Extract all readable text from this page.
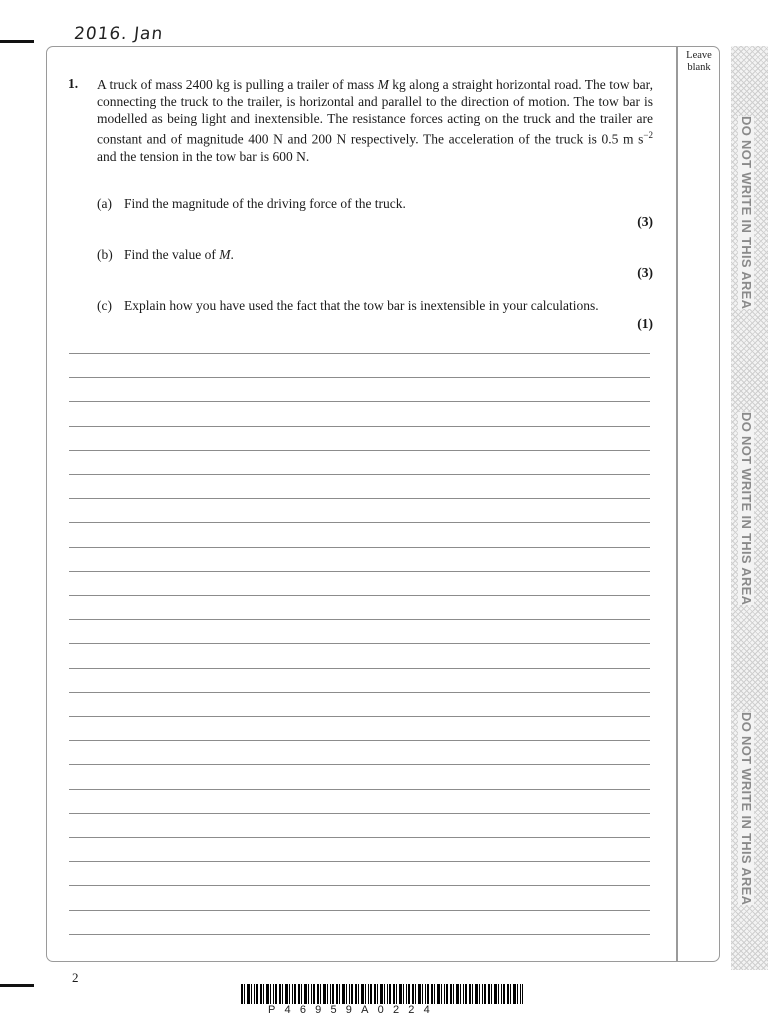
2016. Jan
DO NOT WRITE IN THIS AREA
DO NOT WRITE IN THIS AREA
DO NOT WRITE IN THIS AREA
Leave
blank
1. A truck of mass 2400 kg is pulling a trailer of mass M kg along a straight horizontal road. The tow bar, connecting the truck to the trailer, is horizontal and parallel to the direction of motion. The tow bar is modelled as being light and inextensible. The resistance forces acting on the truck and the trailer are constant and of magnitude 400 N and 200 N respectively. The acceleration of the truck is 0.5 m $s^{-2}$ and the tension in the tow bar is 600 N.

(a) Find the magnitude of the driving force of the truck.
(3)
(b) Find the value of M.
(3)
(c) Explain how you have used the fact that the tow bar is inextensible in your calculations.
(1)
2
P46959A0224
